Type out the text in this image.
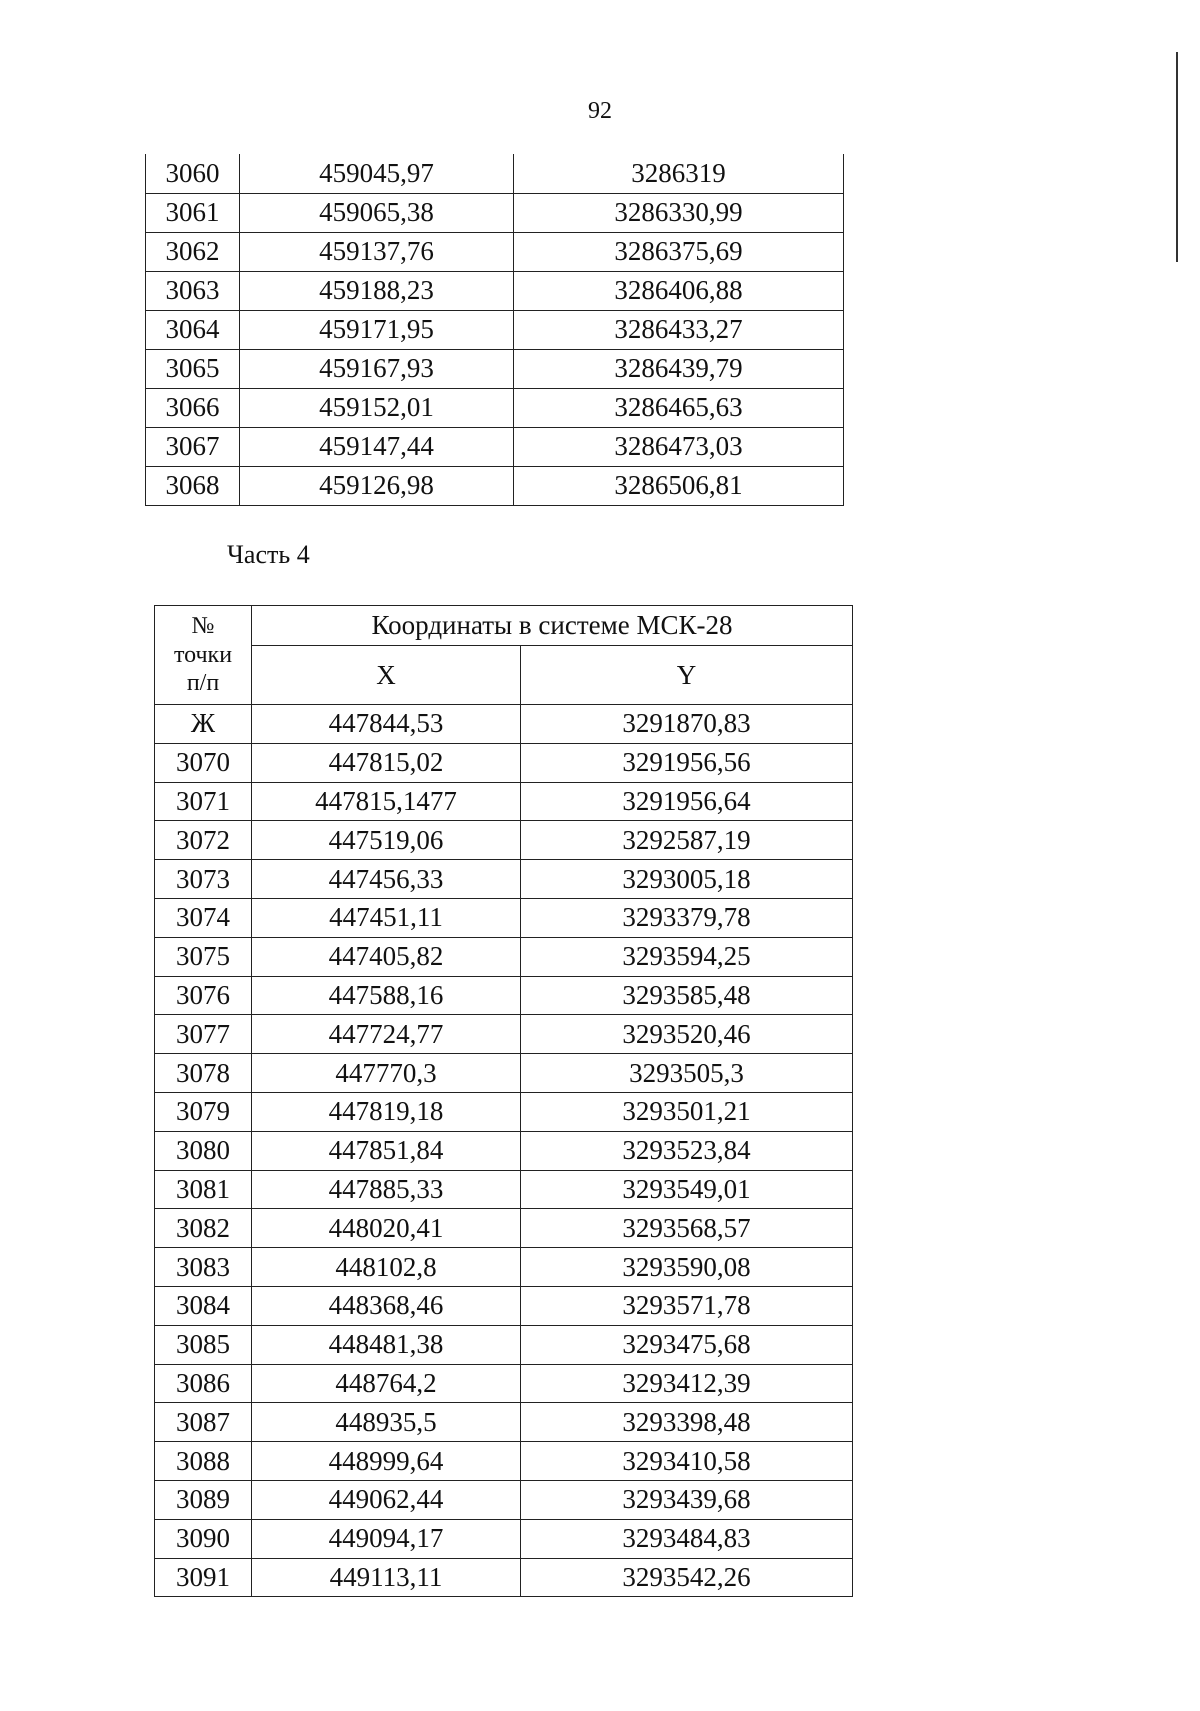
92
3060	459045,97	3286319
3061	459065,38	3286330,99
3062	459137,76	3286375,69
3063	459188,23	3286406,88
3064	459171,95	3286433,27
3065	459167,93	3286439,79
3066	459152,01	3286465,63
3067	459147,44	3286473,03
3068	459126,98	3286506,81
Часть 4
№
точки
п/п	Координаты в системе МСК-28	
	X	Y
Ж	447844,53	3291870,83
3070	447815,02	3291956,56
3071	447815,1477	3291956,64
3072	447519,06	3292587,19
3073	447456,33	3293005,18
3074	447451,11	3293379,78
3075	447405,82	3293594,25
3076	447588,16	3293585,48
3077	447724,77	3293520,46
3078	447770,3	3293505,3
3079	447819,18	3293501,21
3080	447851,84	3293523,84
3081	447885,33	3293549,01
3082	448020,41	3293568,57
3083	448102,8	3293590,08
3084	448368,46	3293571,78
3085	448481,38	3293475,68
3086	448764,2	3293412,39
3087	448935,5	3293398,48
3088	448999,64	3293410,58
3089	449062,44	3293439,68
3090	449094,17	3293484,83
3091	449113,11	3293542,26
